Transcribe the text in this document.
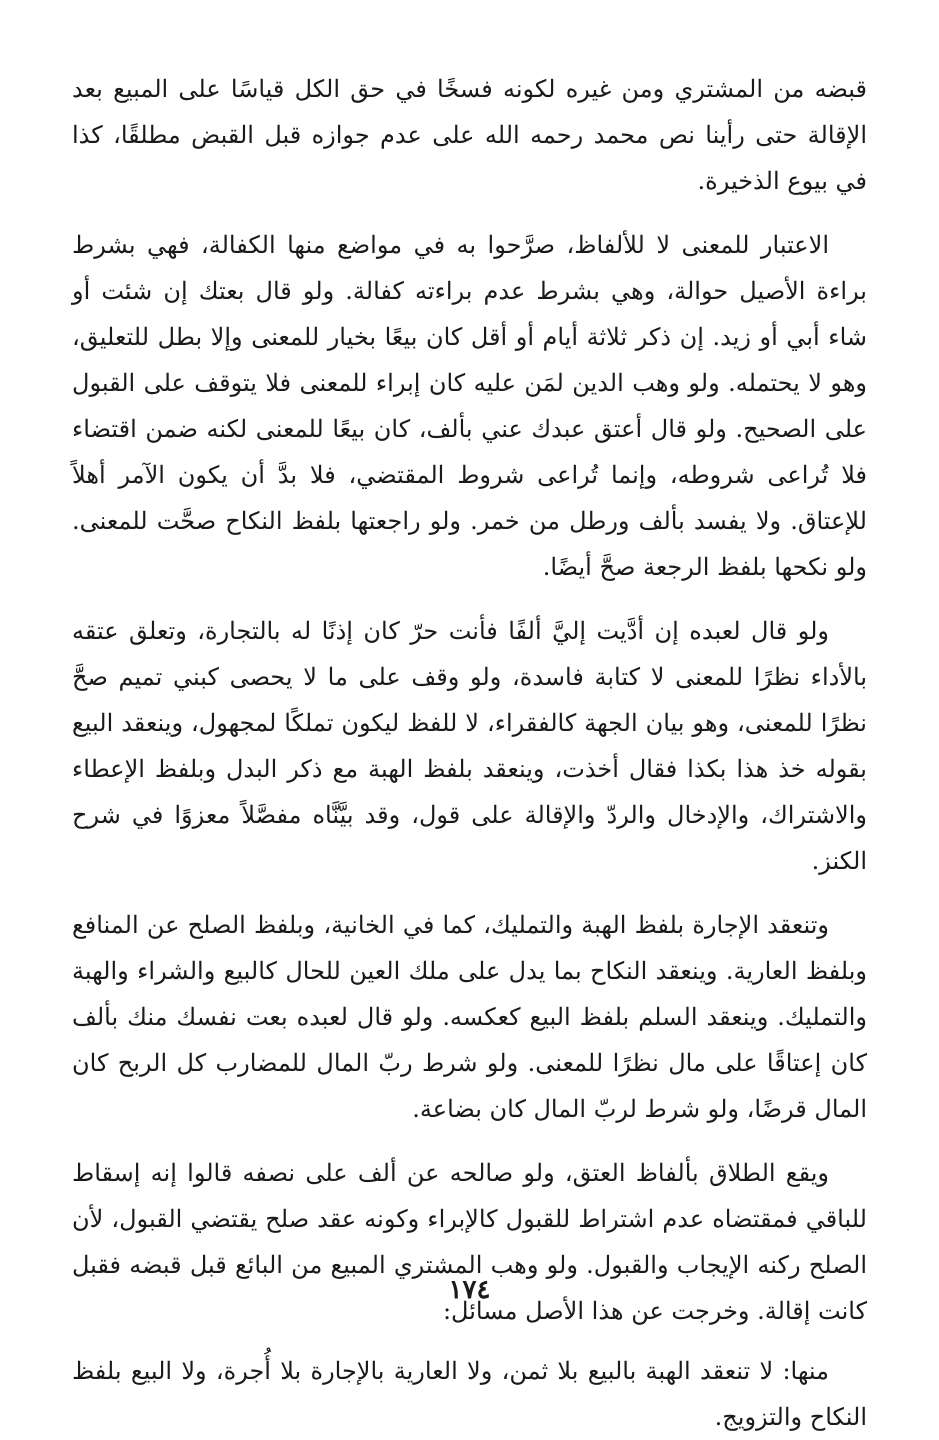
قبضه من المشتري ومن غيره لكونه فسخًا في حق الكل قياسًا على المبيع بعد الإقالة حتى رأينا نص محمد رحمه الله على عدم جوازه قبل القبض مطلقًا، كذا في بيوع الذخيرة.

الاعتبار للمعنى لا للألفاظ، صرَّحوا به في مواضع منها الكفالة، فهي بشرط براءة الأصيل حوالة، وهي بشرط عدم براءته كفالة. ولو قال بعتك إن شئت أو شاء أبي أو زيد. إن ذكر ثلاثة أيام أو أقل كان بيعًا بخيار للمعنى وإلا بطل للتعليق، وهو لا يحتمله. ولو وهب الدين لمَن عليه كان إبراء للمعنى فلا يتوقف على القبول على الصحيح. ولو قال أعتق عبدك عني بألف، كان بيعًا للمعنى لكنه ضمن اقتضاء فلا تُراعى شروطه، وإنما تُراعى شروط المقتضي، فلا بدَّ أن يكون الآمر أهلاً للإعتاق. ولا يفسد بألف ورطل من خمر. ولو راجعتها بلفظ النكاح صحَّت للمعنى. ولو نكحها بلفظ الرجعة صحَّ أيضًا.

ولو قال لعبده إن أدَّيت إليَّ ألفًا فأنت حرّ كان إذنًا له بالتجارة، وتعلق عتقه بالأداء نظرًا للمعنى لا كتابة فاسدة، ولو وقف على ما لا يحصى كبني تميم صحَّ نظرًا للمعنى، وهو بيان الجهة كالفقراء، لا للفظ ليكون تملكًا لمجهول، وينعقد البيع بقوله خذ هذا بكذا فقال أخذت، وينعقد بلفظ الهبة مع ذكر البدل وبلفظ الإعطاء والاشتراك، والإدخال والردّ والإقالة على قول، وقد بيَّنَّاه مفصَّلاً معزوًا في شرح الكنز.

وتنعقد الإجارة بلفظ الهبة والتمليك، كما في الخانية، وبلفظ الصلح عن المنافع وبلفظ العارية. وينعقد النكاح بما يدل على ملك العين للحال كالبيع والشراء والهبة والتمليك. وينعقد السلم بلفظ البيع كعكسه. ولو قال لعبده بعت نفسك منك بألف كان إعتاقًا على مال نظرًا للمعنى. ولو شرط ربّ المال للمضارب كل الربح كان المال قرضًا، ولو شرط لربّ المال كان بضاعة.

ويقع الطلاق بألفاظ العتق، ولو صالحه عن ألف على نصفه قالوا إنه إسقاط للباقي فمقتضاه عدم اشتراط للقبول كالإبراء وكونه عقد صلح يقتضي القبول، لأن الصلح ركنه الإيجاب والقبول. ولو وهب المشتري المبيع من البائع قبل قبضه فقبل كانت إقالة. وخرجت عن هذا الأصل مسائل:

منها: لا تنعقد الهبة بالبيع بلا ثمن، ولا العارية بالإجارة بلا أُجرة، ولا البيع بلفظ النكاح والتزويج.

١٧٤
